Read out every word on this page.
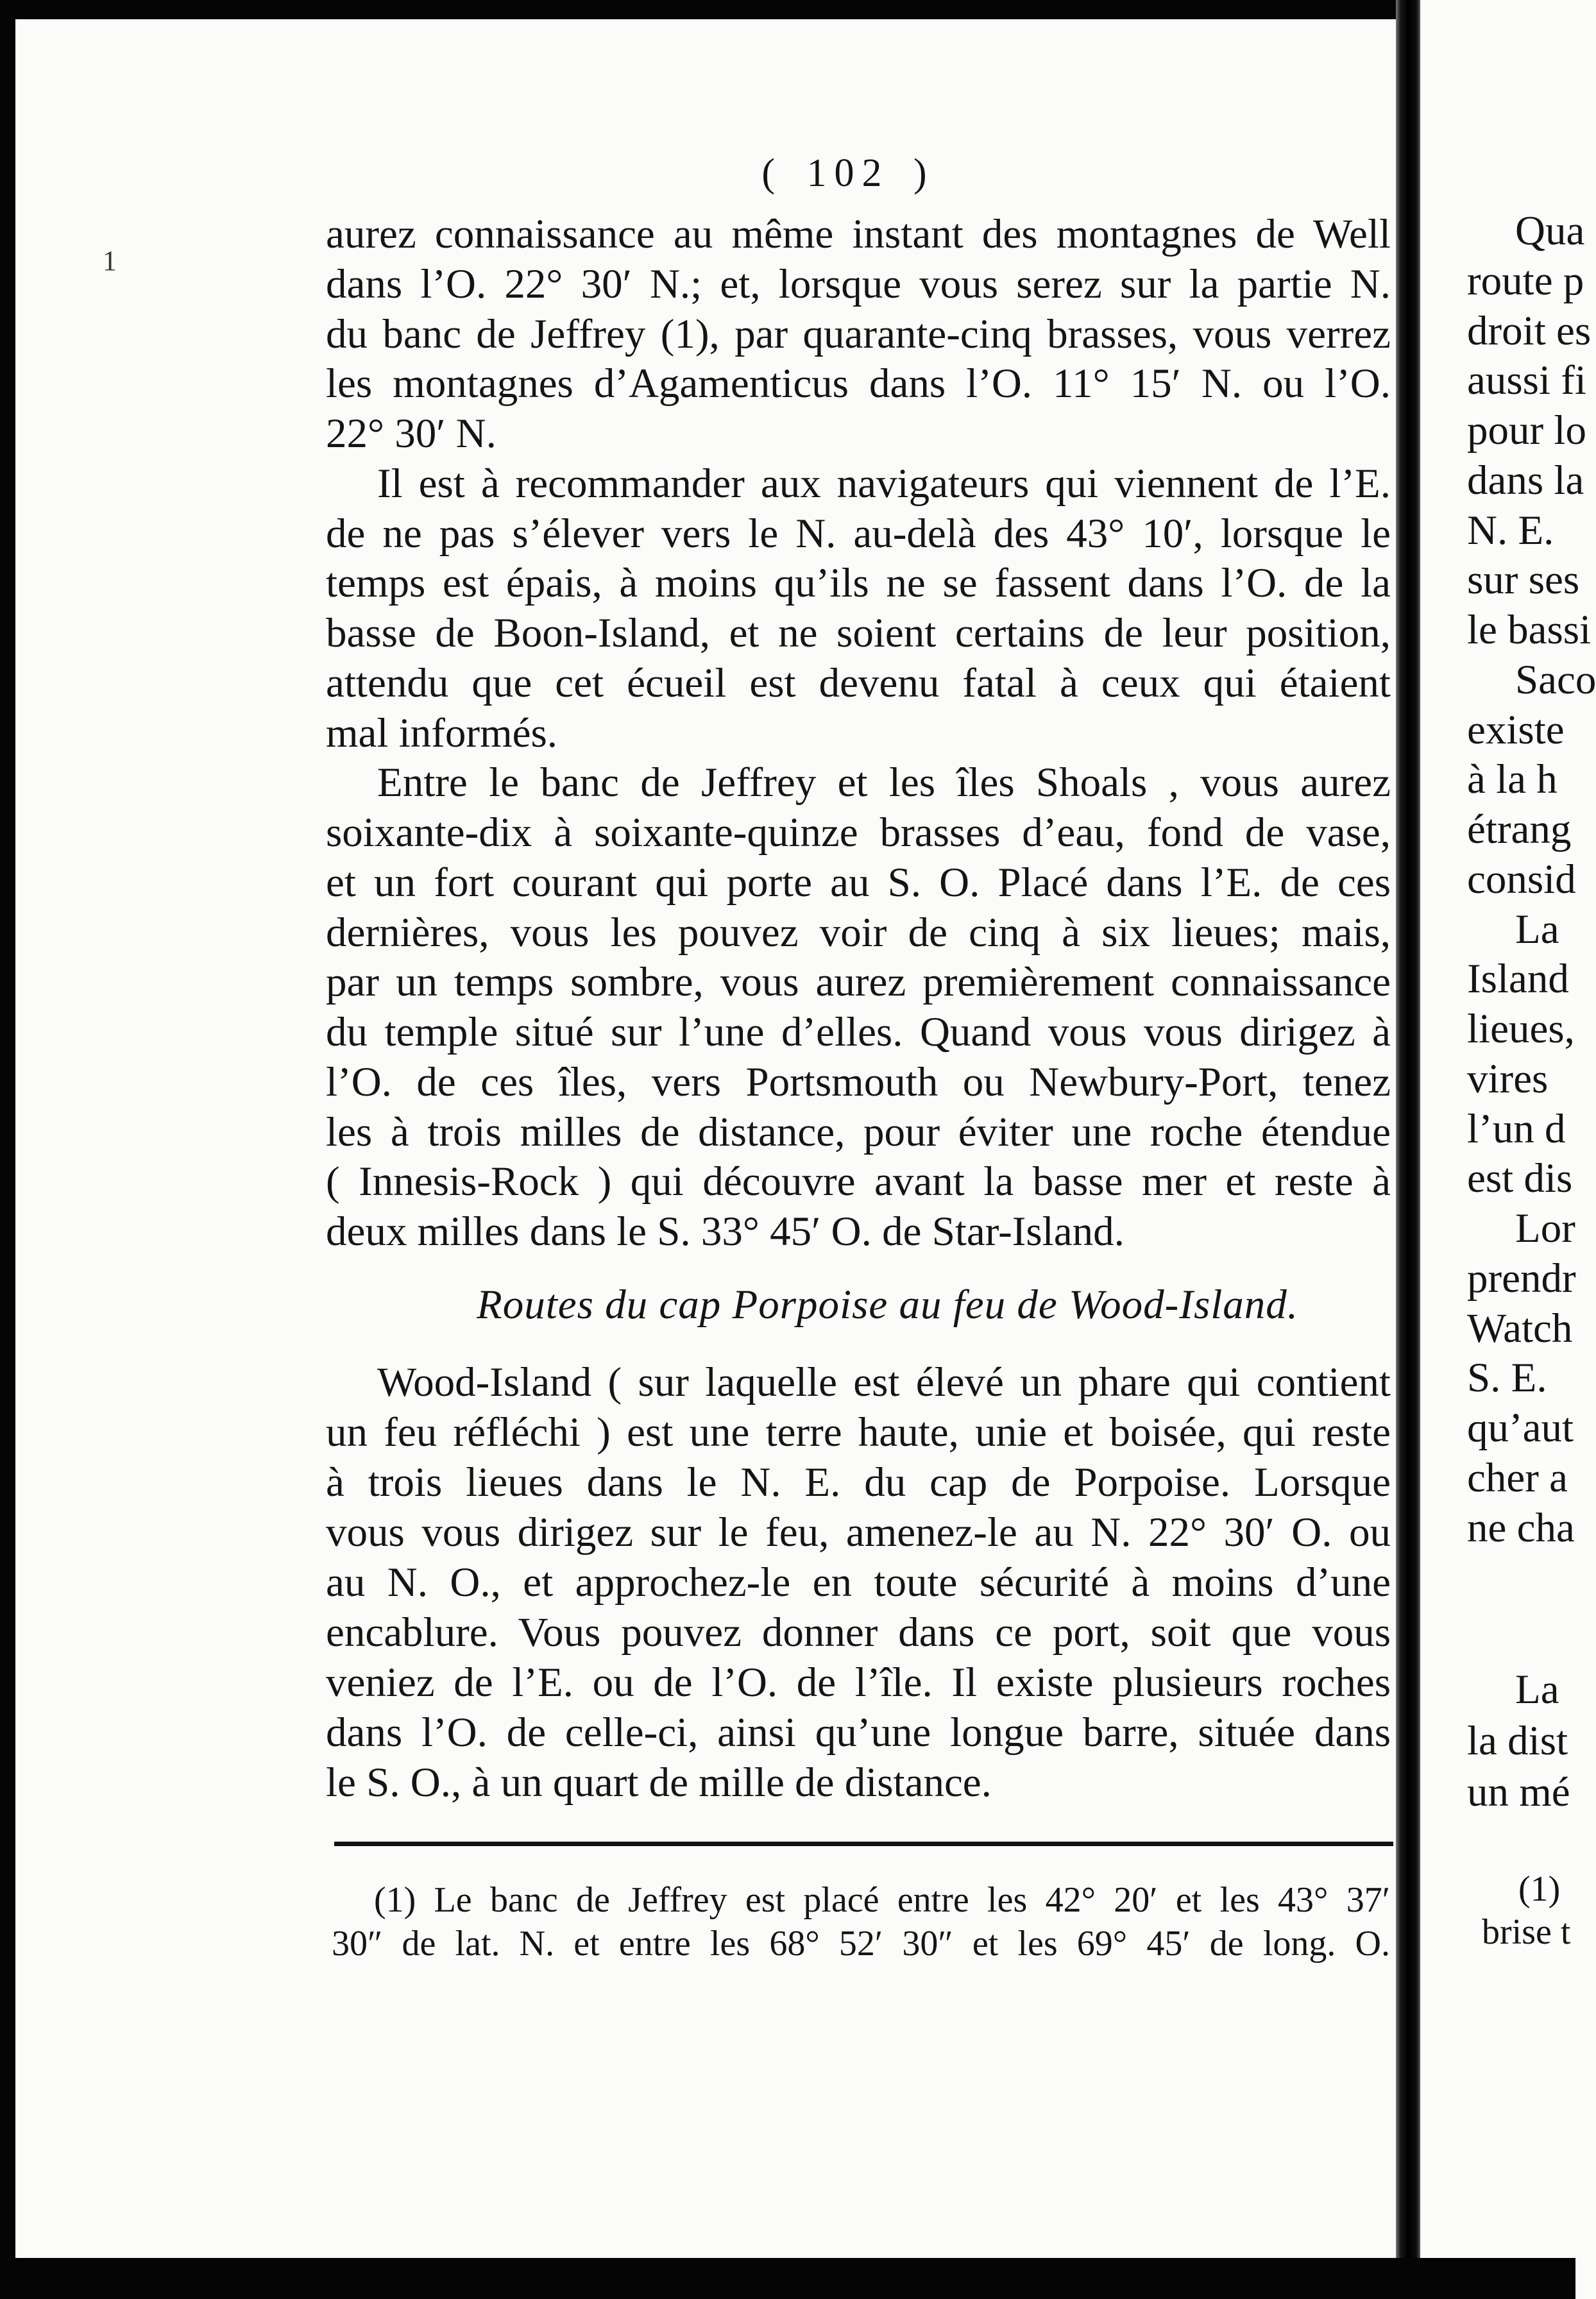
( 102 )
1
aurez connaissance au même instant des montagnes de Well
dans l’O. 22° 30′ N.; et, lorsque vous serez sur la partie N.
du banc de Jeffrey (1), par quarante-cinq brasses, vous verrez
les montagnes d’Agamenticus dans l’O. 11° 15′ N. ou l’O.
22° 30′ N.
Il est à recommander aux navigateurs qui viennent de l’E.
de ne pas s’élever vers le N. au-delà des 43° 10′, lorsque le
temps est épais, à moins qu’ils ne se fassent dans l’O. de la
basse de Boon-Island, et ne soient certains de leur position,
attendu que cet écueil est devenu fatal à ceux qui étaient
mal informés.
Entre le banc de Jeffrey et les îles Shoals , vous aurez
soixante-dix à soixante-quinze brasses d’eau, fond de vase,
et un fort courant qui porte au S. O. Placé dans l’E. de ces
dernières, vous les pouvez voir de cinq à six lieues; mais,
par un temps sombre, vous aurez premièrement connaissance
du temple situé sur l’une d’elles. Quand vous vous dirigez à
l’O. de ces îles, vers Portsmouth ou Newbury-Port, tenez
les à trois milles de distance, pour éviter une roche étendue
( Innesis-Rock ) qui découvre avant la basse mer et reste à
deux milles dans le S. 33° 45′ O. de Star-Island.
Routes du cap Porpoise au feu de Wood-Island.
Wood-Island ( sur laquelle est élevé un phare qui contient
un feu réfléchi ) est une terre haute, unie et boisée, qui reste
à trois lieues dans le N. E. du cap de Porpoise. Lorsque
vous vous dirigez sur le feu, amenez-le au N. 22° 30′ O. ou
au N. O., et approchez-le en toute sécurité à moins d’une
encablure. Vous pouvez donner dans ce port, soit que vous
veniez de l’E. ou de l’O. de l’île. Il existe plusieurs roches
dans l’O. de celle-ci, ainsi qu’une longue barre, située dans
le S. O., à un quart de mille de distance.
(1) Le banc de Jeffrey est placé entre les 42° 20′ et les 43° 37′
30″ de lat. N. et entre les 68° 52′ 30″ et les 69° 45′ de long. O.
Qua
route p
droit es
aussi fi
pour lo
dans la
N. E.
sur ses
le bassi
Saco
existe
à la h
étrang
consid
La
Island
lieues,
vires
l’un d
est dis
Lor
prendr
Watch
S. E.
qu’aut
cher a
ne cha
La
la dist
un mé
(1)
brise t
